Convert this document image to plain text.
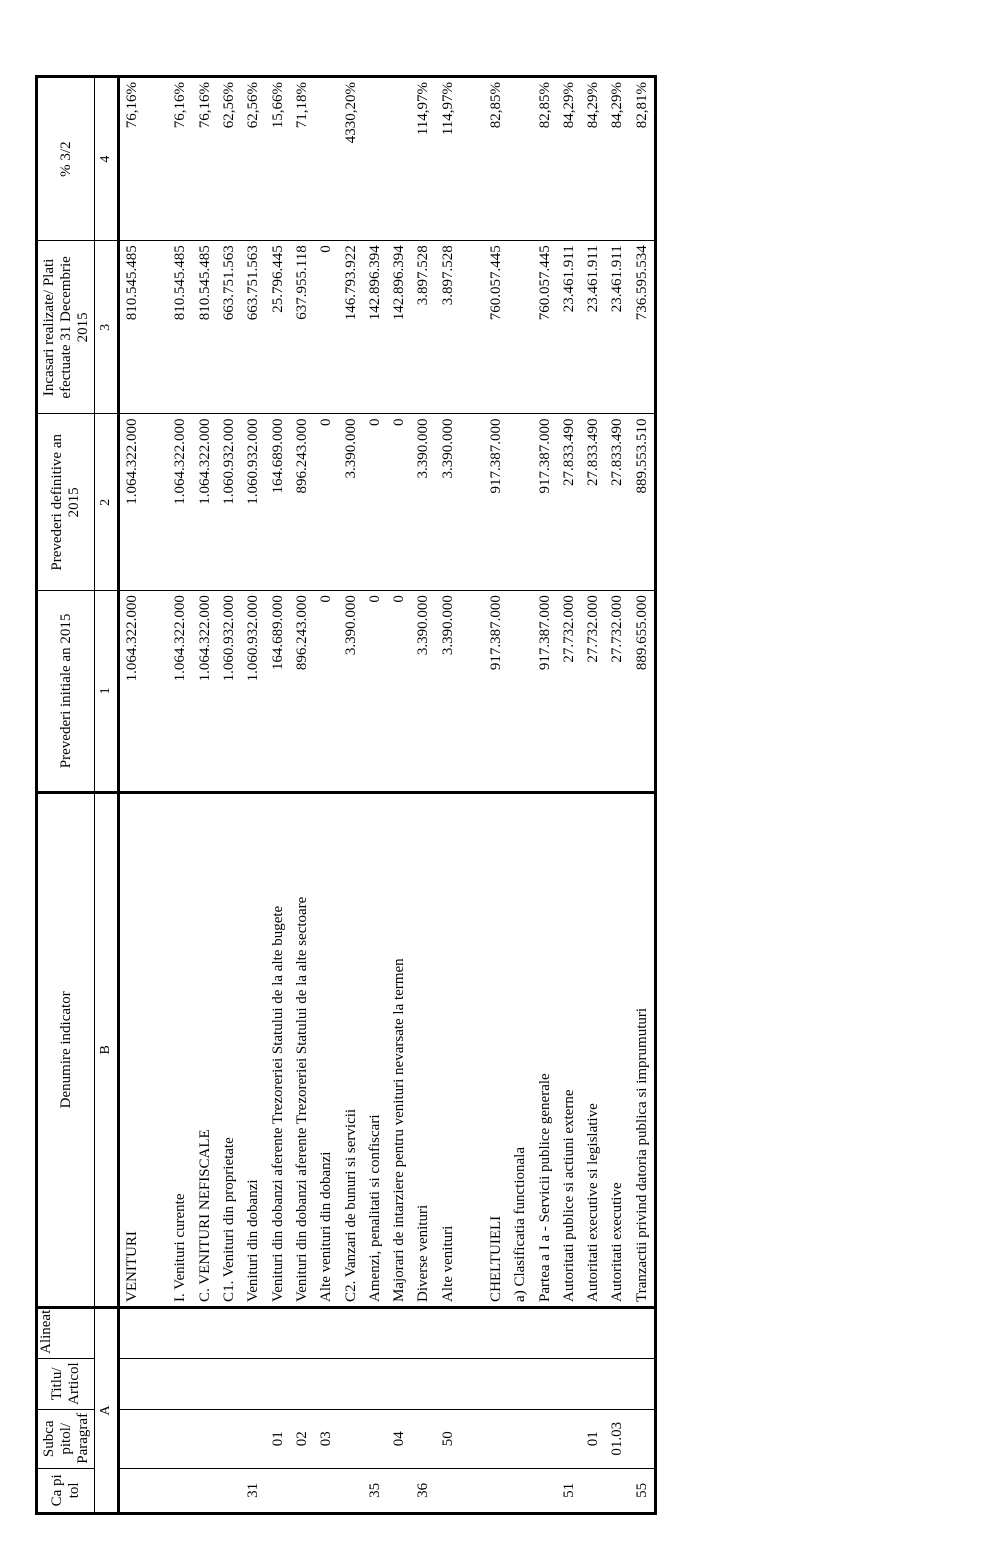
Ca pi tol	Subca pitol/ Paragraf	Titlu/ Articol	Alineat	Denumire indicator	Prevederi initiale an 2015	Prevederi definitive an 2015	Incasari realizate/ Plati efectuate 31 Decembrie 2015	% 3/2
A				B	1	2	3	4
				VENITURI	1.064.322.000	1.064.322.000	810.545.485	76,16%

				I. Venituri curente	1.064.322.000	1.064.322.000	810.545.485	76,16%
				C. VENITURI NEFISCALE	1.064.322.000	1.064.322.000	810.545.485	76,16%
				C1. Venituri din proprietate	1.060.932.000	1.060.932.000	663.751.563	62,56%
31				Venituri din dobanzi	1.060.932.000	1.060.932.000	663.751.563	62,56%
	01			Venituri din dobanzi aferente Trezoreriei Statului de la alte bugete	164.689.000	164.689.000	25.796.445	15,66%
	02			Venituri din dobanzi aferente Trezoreriei Statului de la alte sectoare	896.243.000	896.243.000	637.955.118	71,18%
	03			Alte venituri din dobanzi	0	0	0	
				C2. Vanzari de bunuri si servicii	3.390.000	3.390.000	146.793.922	4330,20%
35				Amenzi, penalitati si confiscari	0	0	142.896.394	
	04			Majorari de intarziere pentru venituri nevarsate la termen	0	0	142.896.394	
36				Diverse venituri	3.390.000	3.390.000	3.897.528	114,97%
	50			Alte venituri	3.390.000	3.390.000	3.897.528	114,97%

				CHELTUIELI	917.387.000	917.387.000	760.057.445	82,85%
				a) Clasificatia functionala				
				Partea a I a - Servicii publice generale	917.387.000	917.387.000	760.057.445	82,85%
51				Autoritati publice si actiuni externe	27.732.000	27.833.490	23.461.911	84,29%
	01			Autoritati executive si legislative	27.732.000	27.833.490	23.461.911	84,29%
	01.03			Autoritati executive	27.732.000	27.833.490	23.461.911	84,29%
55				Tranzactii privind datoria publica si imprumuturi	889.655.000	889.553.510	736.595.534	82,81%
